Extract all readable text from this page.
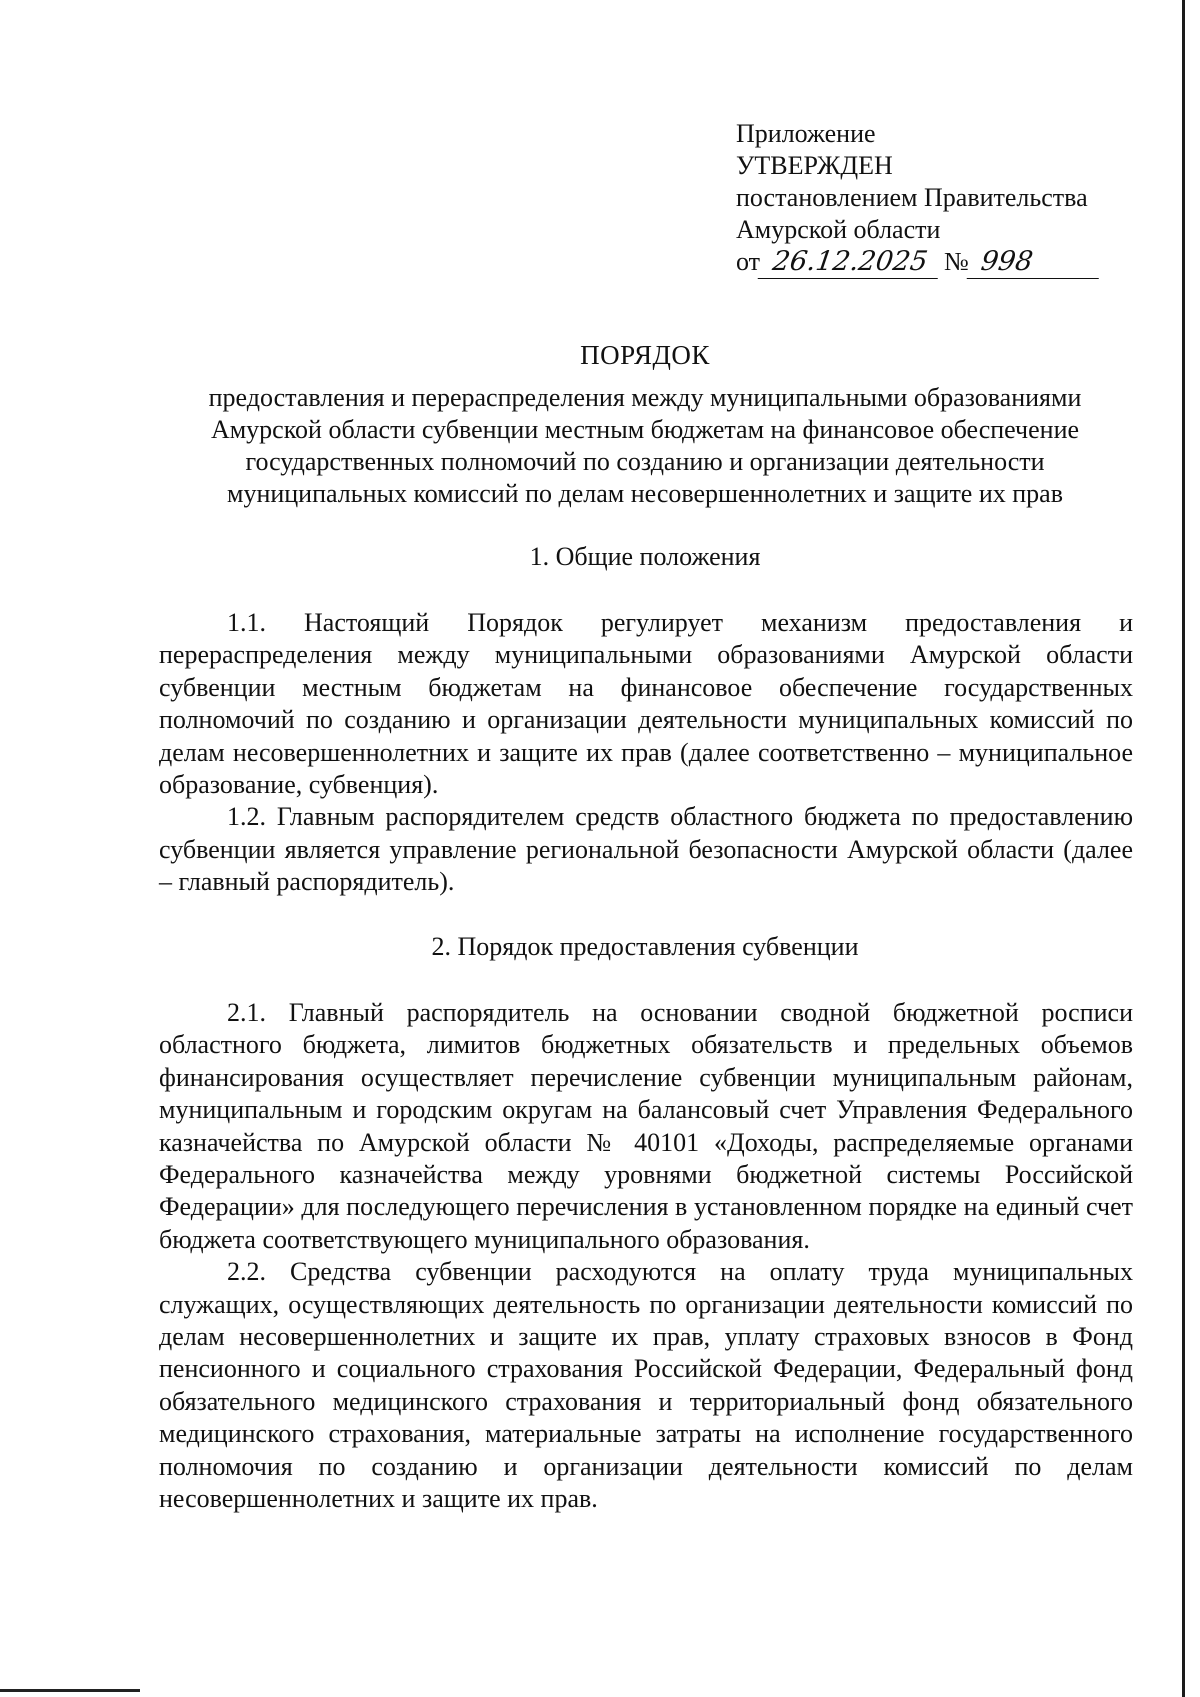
Приложение
УТВЕРЖДЕН
постановлением Правительства
Амурской области
от 26.12.2025 № 998
ПОРЯДОК
предоставления и перераспределения между муниципальными образованиями
Амурской области субвенции местным бюджетам на финансовое обеспечение
государственных полномочий по созданию и организации деятельности
муниципальных комиссий по делам несовершеннолетних и защите их прав
1. Общие положения

1.1. Настоящий Порядок регулирует механизм предоставления и перераспределения между муниципальными образованиями Амурской области субвенции местным бюджетам на финансовое обеспечение государственных полномочий по созданию и организации деятельности муниципальных комиссий по делам несовершеннолетних и защите их прав (далее соответственно – муниципальное образование, субвенция).

1.2. Главным распорядителем средств областного бюджета по предоставлению субвенции является управление региональной безопасности Амурской области (далее – главный распорядитель).

2. Порядок предоставления субвенции

2.1. Главный распорядитель на основании сводной бюджетной росписи областного бюджета, лимитов бюджетных обязательств и предельных объемов финансирования осуществляет перечисление субвенции муниципальным районам, муниципальным и городским округам на балансовый счет Управления Федерального казначейства по Амурской области № 40101 «Доходы, распределяемые органами Федерального казначейства между уровнями бюджетной системы Российской Федерации» для последующего перечисления в установленном порядке на единый счет бюджета соответствующего муниципального образования.

2.2. Средства субвенции расходуются на оплату труда муниципальных служащих, осуществляющих деятельность по организации деятельности комиссий по делам несовершеннолетних и защите их прав, уплату страховых взносов в Фонд пенсионного и социального страхования Российской Федерации, Федеральный фонд обязательного медицинского страхования и территориальный фонд обязательного медицинского страхования, материальные затраты на исполнение государственного полномочия по созданию и организации деятельности комиссий по делам несовершеннолетних и защите их прав.
